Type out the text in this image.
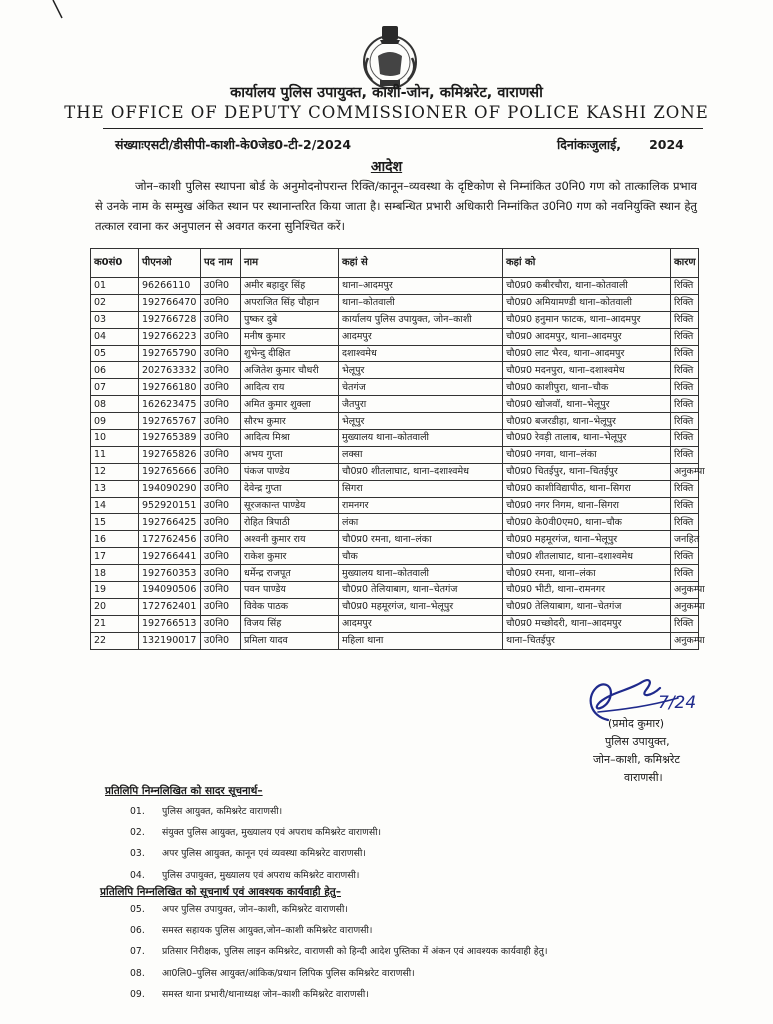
कार्यालय पुलिस उपायुक्त, काशी-जोन, कमिश्नरेट, वाराणसी
THE OFFICE OF DEPUTY COMMISSIONER OF POLICE KASHI ZONE
संख्याःएसटी/डीसीपी-काशी-के0जेड0-टी-2/2024	दिनांकःजुलाई, 2024
आदेश
जोन–काशी पुलिस स्थापना बोर्ड के अनुमोदनोपरान्त रिक्ति/कानून–व्यवस्था के दृष्टिकोण से निम्नांकित उ0नि0 गण को तात्कालिक प्रभाव से उनके नाम के सम्मुख अंकित स्थान पर स्थानान्तरित किया जाता है। सम्बन्धित प्रभारी अधिकारी निम्नांकित उ0नि0 गण को नवनियुक्ति स्थान हेतु तत्काल रवाना कर अनुपालन से अवगत करना सुनिश्चित करें।
क0सं0	पीएनओ	पद नाम	नाम	कहां से	कहां को	कारण
01	96266110	उ0नि0	अमीर बहादुर सिंह	थाना–आदमपुर	चौ0प्र0 कबीरचौरा, थाना–कोतवाली	रिक्ति
02	192766470	उ0नि0	अपराजित सिंह चौहान	थाना–कोतवाली	चौ0प्र0 अमियामण्डी थाना–कोतवाली	रिक्ति
03	192766728	उ0नि0	पुष्कर दुबे	कार्यालय पुलिस उपायुक्त, जोन–काशी	चौ0प्र0 हनुमान फाटक, थाना–आदमपुर	रिक्ति
04	192766223	उ0नि0	मनीष कुमार	आदमपुर	चौ0प्र0 आदमपुर, थाना–आदमपुर	रिक्ति
05	192765790	उ0नि0	शुभेन्दु दीक्षित	दशाश्वमेध	चौ0प्र0 लाट भैरव, थाना–आदमपुर	रिक्ति
06	202763332	उ0नि0	अजितेश कुमार चौधरी	भेलूपुर	चौ0प्र0 मदनपुरा, थाना–दशाश्वमेध	रिक्ति
07	192766180	उ0नि0	आदित्य राय	चेतगंज	चौ0प्र0 काशीपुरा, थाना–चौक	रिक्ति
08	162623475	उ0नि0	अमित कुमार शुक्ला	जैतपुरा	चौ0प्र0 खोजवॉ, थाना–भेलूपुर	रिक्ति
09	192765767	उ0नि0	सौरभ कुमार	भेलूपुर	चौ0प्र0 बजरडीहा, थाना–भेलूपुर	रिक्ति
10	192765389	उ0नि0	आदित्य मिश्रा	मुख्यालय थाना–कोतवाली	चौ0प्र0 रेवड़ी तालाब, थाना–भेलूपुर	रिक्ति
11	192765826	उ0नि0	अभय गुप्ता	लक्सा	चौ0प्र0 नगवा, थाना–लंका	रिक्ति
12	192765666	उ0नि0	पंकज पाण्डेय	चौ0प्र0 शीतलाघाट, थाना–दशाश्वमेध	चौ0प्र0 चितईपुर, थाना–चितईपुर	अनुकम्पा
13	194090290	उ0नि0	देवेन्द्र गुप्ता	सिगरा	चौ0प्र0 काशीविद्यापीठ, थाना–सिगरा	रिक्ति
14	952920151	उ0नि0	सूरजकान्त पाण्डेय	रामनगर	चौ0प्र0 नगर निगम, थाना–सिगरा	रिक्ति
15	192766425	उ0नि0	रोहित त्रिपाठी	लंका	चौ0प्र0 के0वी0एम0, थाना–चौक	रिक्ति
16	172762456	उ0नि0	अश्वनी कुमार राय	चौ0प्र0 रमना, थाना–लंका	चौ0प्र0 महमूरगंज, थाना–भेलूपुर	जनहित
17	192766441	उ0नि0	राकेश कुमार	चौक	चौ0प्र0 शीतलाघाट, थाना–दशाश्वमेध	रिक्ति
18	192760353	उ0नि0	धर्मेन्द्र राजपूत	मुख्यालय थाना–कोतवाली	चौ0प्र0 रमना, थाना–लंका	रिक्ति
19	194090506	उ0नि0	पवन पाण्डेय	चौ0प्र0 तेलियाबाग, थाना–चेतगंज	चौ0प्र0 भीटी, थाना–रामनगर	अनुकम्पा
20	172762401	उ0नि0	विवेक पाठक	चौ0प्र0 महमूरगंज, थाना–भेलूपुर	चौ0प्र0 तेलियाबाग, थाना–चेतगंज	अनुकम्पा
21	192766513	उ0नि0	विजय सिंह	आदमपुर	चौ0प्र0 मच्छोदरी, थाना–आदमपुर	रिक्ति
22	132190017	उ0नि0	प्रमिला यादव	महिला थाना	थाना–चितईपुर	अनुकम्पा
7/24
(प्रमोद कुमार)
पुलिस उपायुक्त,
जोन–काशी, कमिश्नरेट
वाराणसी।
प्रतिलिपि निम्नलिखित को सादर सूचनार्थ–
01. पुलिस आयुक्त, कमिश्नरेट वाराणसी।
02. संयुक्त पुलिस आयुक्त, मुख्यालय एवं अपराध कमिश्नरेट वाराणसी।
03. अपर पुलिस आयुक्त, कानून एवं व्यवस्था कमिश्नरेट वाराणसी।
04. पुलिस उपायुक्त, मुख्यालय एवं अपराध कमिश्नरेट वाराणसी।
प्रतिलिपि निम्नलिखित को सूचनार्थ एवं आवश्यक कार्यवाही हेतु–
05. अपर पुलिस उपायुक्त, जोन–काशी, कमिश्नरेट वाराणसी।
06. समस्त सहायक पुलिस आयुक्त,जोन–काशी कमिश्नरेट वाराणसी।
07. प्रतिसार निरीक्षक, पुलिस लाइन कमिश्नरेट, वाराणसी को हिन्दी आदेश पुस्तिका में अंकन एवं आवश्यक कार्यवाही हेतु।
08. आ0लि0–पुलिस आयुक्त/आंकिक/प्रधान लिपिक पुलिस कमिश्नरेट वाराणसी।
09. समस्त थाना प्रभारी/थानाध्यक्ष जोन–काशी कमिश्नरेट वाराणसी।
